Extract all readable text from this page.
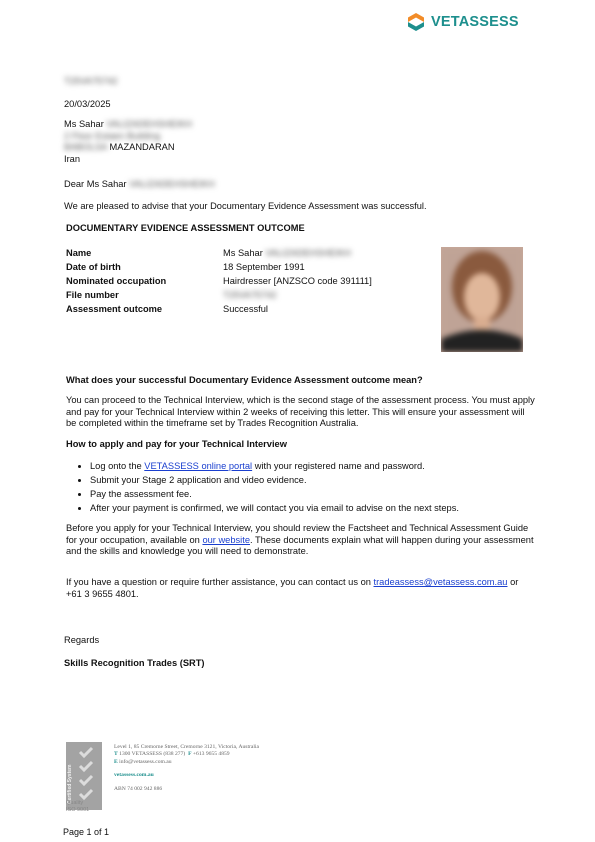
VETASSESS
T25VA75742
20/03/2025
Ms Sahar VALIZADEHSHEIKH
2 Floor Estaen Building
BABOLSA MAZANDARAN
Iran
Dear Ms Sahar VALIZADEHSHEIKH
We are pleased to advise that your Documentary Evidence Assessment was successful.
DOCUMENTARY EVIDENCE ASSESSMENT OUTCOME
Name	Ms Sahar VALIZADEHSHEIKH
Date of birth	18 September 1991
Nominated occupation	Hairdresser [ANZSCO code 391111]
File number	T25VA75742
Assessment outcome	Successful
What does your successful Documentary Evidence Assessment outcome mean?
You can proceed to the Technical Interview, which is the second stage of the assessment process. You must apply and pay for your Technical Interview within 2 weeks of receiving this letter. This will ensure your assessment will be completed within the timeframe set by Trades Recognition Australia.
How to apply and pay for your Technical Interview
• Log onto the VETASSESS online portal with your registered name and password.
• Submit your Stage 2 application and video evidence.
• Pay the assessment fee.
• After your payment is confirmed, we will contact you via email to advise on the next steps.
Before you apply for your Technical Interview, you should review the Factsheet and Technical Assessment Guide for your occupation, available on our website. These documents explain what will happen during your assessment and the skills and knowledge you will need to demonstrate.
If you have a question or require further assistance, you can contact us on tradeassess@vetassess.com.au or +61 3 9655 4801.
Regards
Skills Recognition Trades (SRT)
Certified System
Quality
ISO 9001
Level 1, 85 Cremorne Street, Cremorne 3121, Victoria, Australia
T 1300 VETASSESS (838 277) F +613 9655 4859
E info@vetassess.com.au
vetassess.com.au
ABN 74 002 942 886
Page 1 of 1
